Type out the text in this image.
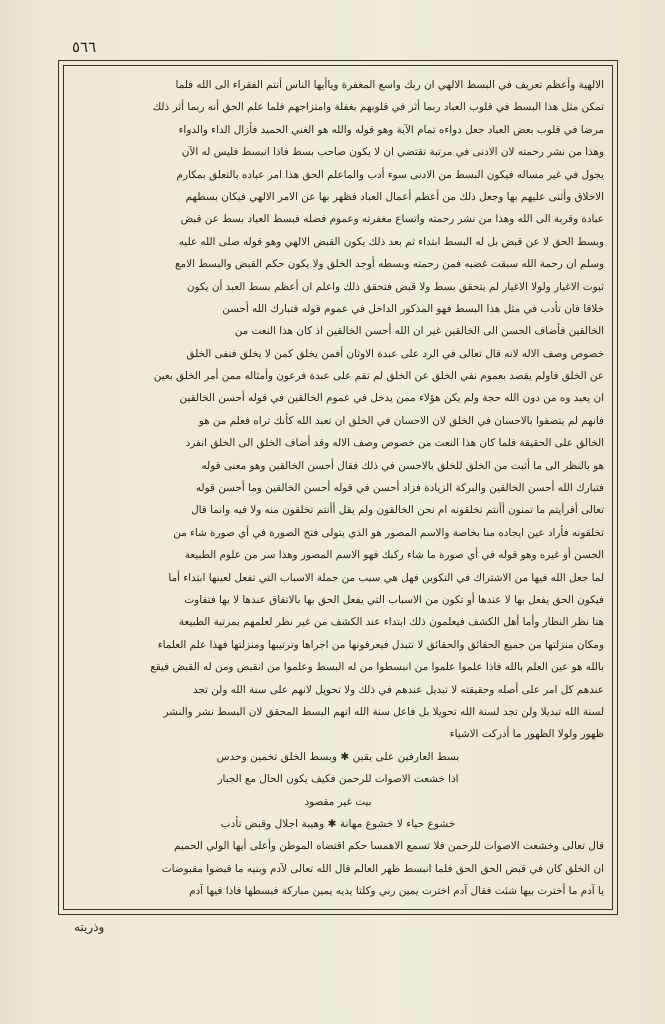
٥٦٦
الالهية وأعظم تعريف في البسط الالهي ان ربك واسع المغفرة وياأيها الناس أنتم الفقراء الى الله فلما
تمكن مثل هذا البسط في قلوب العباد ربما أثر في قلوبهم بغفلة وامتزاجهم فلما علم الحق أنه ربما أثر ذلك
مرضا في قلوب بعض العباد جعل دواءه تمام الآية وهو قوله والله هو الغني الحميد فأزال الداء والدواء
وهذا من نشر رحمته لان الادنى في مرتبة تقتضي ان لا يكون صاحب بسط فاذا انبسط فليس له الآن
يجول في غير مساله فيكون البسط من الادنى سوء أدب والماعلم الحق هذا امر عباده بالتعلق بمكارم
الاخلاق وأثنى عليهم بها وجعل ذلك من أعظم أعمال العباد فظهر بها عن الامر الالهي فيكان بسطهم
عبادة وقربة الى الله وهذا من نشر رحمته واتساع مغفرته وعموم فضله فبسط العباد بسط عن قبض
وبسط الحق لا عن قبض بل له البسط ابتداء ثم بعد ذلك يكون القبض الالهي وهو قوله صلى الله عليه
وسلم ان رحمة الله سبقت غضبه فمن رحمته وبسطه أوجد الخلق ولا يكون حكم القبض والبسط الامع
ثبوت الاغيار ولولا الاغيار لم يتحقق بسط ولا قبض فتحقق ذلك واعلم ان أعظم بسط العبد أن يكون
خلاقا فان تأدب في مثل هذا البسط فهو المذكور الداخل في عموم قوله فتبارك الله أحسن
الخالقين فأضاف الحسن الى الخالقين غير ان الله أحسن الخالقين اذ كان هذا النعت من
خصوص وصف الاله لانه قال تعالى في الرد على عبدة الاوثان أفمن يخلق كمن لا يخلق فنفى الخلق
عن الخلق فاولم يقصد بعموم نفي الخلق عن الخلق لم تقم على عبدة فرعون وأمثاله ممن أمر الخلق بعين
ان يعبد وه من دون الله حجة ولم يكن هؤلاء ممن يدخل في عموم الخالقين في قوله أحسن الخالقين
فانهم لم يتصفوا بالاحسان في الخلق لان الاحسان في الخلق ان تعبد الله كأنك تراه فعلم من هو
الخالق على الحقيقة فلما كان هذا النعت من خصوص وصف الاله وقد أضاف الخلق الى الخلق انفرد
هو بالنظر الى ما أثبت من الخلق للخلق بالاحسن في ذلك فقال أحسن الخالقين وهو معنى قوله
فتبارك الله أحسن الخالقين والبركة الزيادة فزاد أحسن في قوله أحسن الخالقين وما أحسن قوله
تعالى أفرأيتم ما تمنون أأنتم تخلقونه ام نحن الخالقون ولم يقل أأنتم تخلقون منه ولا فيه وانما قال
تخلقونه فأراد عين ايجاده منا بخاصة والاسم المصور هو الذي يتولى فتح الصورة في أي صورة شاء من
الحسن أو غيره وهو قوله في أي صورة ما شاء ركبك فهو الاسم المصور وهذا سر من علوم الطبيعة
لما جعل الله فيها من الاشتراك في التكوين فهل هي سبب من جملة الاسباب التي تفعل لعينها ابتداء أما
فيكون الحق يفعل بها لا عندها أو تكون من الاسباب التي يفعل الحق بها بالاتفاق عندها لا بها فتفاوت
هنا نظر النظار وأما أهل الكشف فيعلمون ذلك ابتداء عند الكشف من غير نظر لعلمهم بمرتبة الطبيعة
ومكان منزلتها من جميع الحقائق والحقائق لا تتبدل فيعرفونها من اجراها وترتيبها ومنزلتها فهذا علم العلماء
بالله هو عين العلم بالله فاذا علموا علموا من انبسطوا من له البسط وعلموا من انقبض ومن له القبض فيقع
عندهم كل امر على أصله وحقيقته لا تبديل عندهم في ذلك ولا تحويل لانهم على سنة الله ولن تجد
لسنة الله تبديلا ولن تجد لسنة الله تحويلا بل فاعل سنة الله انهم البسط المحقق لان البسط نشر والنشر
ظهور ولولا الظهور ما أدركت الاشياء
بسط العارفين على يقين ✱ وبسط الخلق تخمين وحدس
اذا خشعت الاصوات للرحمن فكيف يكون الحال مع الجبار
بيت غير مقصود
خشوع حياء لا خشوع مهانة ✱ وهيبة اجلال وقبض تأدب
قال تعالى وخشعت الاصوات للرحمن فلا تسمع الاهمسا حكم اقتضاه الموطن وأعلى أيها الولي الحميم
ان الخلق كان في قبض الحق الحق فلما انبسط ظهر العالم قال الله تعالى لآدم وبنيه ما قبضوا مقبوضات
يا آدم ما أخترت بيها شئت فقال آدم اخترت يمين ربي وكلتا يديه يمين مباركة فبسطها فاذا فيها آدم
وذريته
